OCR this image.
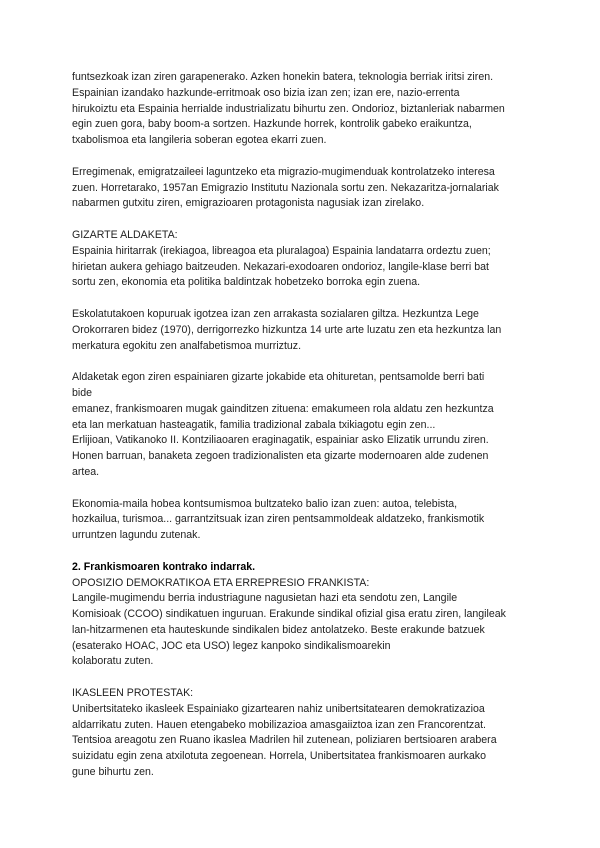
funtsezkoak izan ziren garapenerako. Azken honekin batera, teknologia berriak iritsi ziren.
Espainian izandako hazkunde-erritmoak oso bizia izan zen; izan ere, nazio-errenta
hirukoiztu eta Espainia herrialde industrializatu bihurtu zen. Ondorioz, biztanleriak nabarmen
egin zuen gora, baby boom-a sortzen. Hazkunde horrek, kontrolik gabeko eraikuntza,
txabolismoa eta langileria soberan egotea ekarri zuen.
Erregimenak, emigratzaileei laguntzeko eta migrazio-mugimenduak kontrolatzeko interesa
zuen. Horretarako, 1957an Emigrazio Institutu Nazionala sortu zen. Nekazaritza-jornalariak
nabarmen gutxitu ziren, emigrazioaren protagonista nagusiak izan zirelako.
GIZARTE ALDAKETA:
Espainia hiritarrak (irekiagoa, libreagoa eta pluralagoa) Espainia landatarra ordeztu zuen;
hirietan aukera gehiago baitzeuden. Nekazari-exodoaren ondorioz, langile-klase berri bat
sortu zen, ekonomia eta politika baldintzak hobetzeko borroka egin zuena.
Eskolatutakoen kopuruak igotzea izan zen arrakasta sozialaren giltza. Hezkuntza Lege
Orokorraren bidez (1970), derrigorrezko hizkuntza 14 urte arte luzatu zen eta hezkuntza lan
merkatura egokitu zen analfabetismoa murriztuz.
Aldaketak egon ziren espainiaren gizarte jokabide eta ohituretan, pentsamolde berri bati
bide
emanez, frankismoaren mugak gainditzen zituena: emakumeen rola aldatu zen hezkuntza
eta lan merkatuan hasteagatik, familia tradizional zabala txikiagotu egin zen...
Erlijioan, Vatikanoko II. Kontziliaoaren eraginagatik, espainiar asko Elizatik urrundu ziren.
Honen barruan, banaketa zegoen tradizionalisten eta gizarte modernoaren alde zudenen
artea.
Ekonomia-maila hobea kontsumismoa bultzateko balio izan zuen: autoa, telebista,
hozkailua, turismoa... garrantzitsuak izan ziren pentsammoldeak aldatzeko, frankismotik
urruntzen lagundu zutenak.
2. Frankismoaren kontrako indarrak.
OPOSIZIO DEMOKRATIKOA ETA ERREPRESIO FRANKISTA:
Langile-mugimendu berria industriagune nagusietan hazi eta sendotu zen, Langile
Komisioak (CCOO) sindikatuen inguruan. Erakunde sindikal ofizial gisa eratu ziren, langileak
lan-hitzarmenen eta hauteskunde sindikalen bidez antolatzeko. Beste erakunde batzuek
(esaterako HOAC, JOC eta USO) legez kanpoko sindikalismoarekin
kolaboratu zuten.
IKASLEEN PROTESTAK:
Unibertsitateko ikasleek Espainiako gizartearen nahiz unibertsitatearen demokratizazioa
aldarrikatu zuten. Hauen etengabeko mobilizazioa amasgaiiztoa izan zen Francorentzat.
Tentsioa areagotu zen Ruano ikaslea Madrilen hil zutenean, poliziaren bertsioaren arabera
suizidatu egin zena atxilotuta zegoenean. Horrela, Unibertsitatea frankismoaren aurkako
gune bihurtu zen.
